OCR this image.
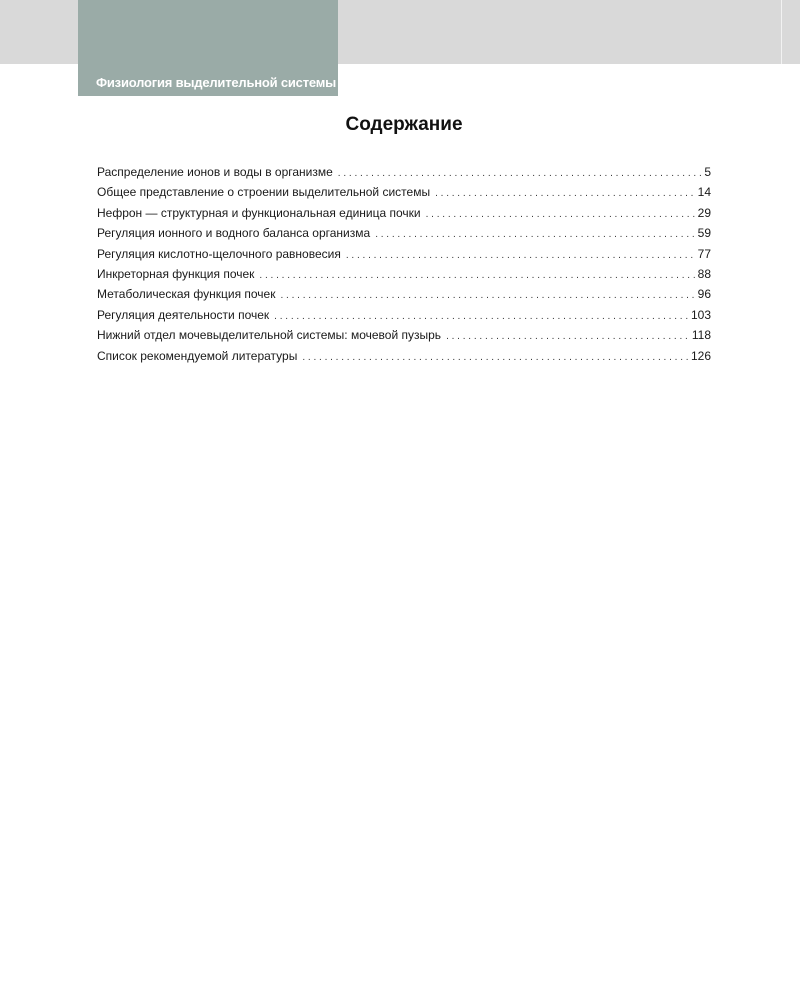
Физиология выделительной системы
Содержание
Распределение ионов и воды в организме . . .	5
Общее представление о строении выделительной системы . . .	14
Нефрон — структурная и функциональная единица почки . . .	29
Регуляция ионного и водного баланса организма . . .	59
Регуляция кислотно-щелочного равновесия . . .	77
Инкреторная функция почек . . .	88
Метаболическая функция почек . . .	96
Регуляция деятельности почек . . .	103
Нижний отдел мочевыделительной системы: мочевой пузырь . . .	118
Список рекомендуемой литературы . . .	126
